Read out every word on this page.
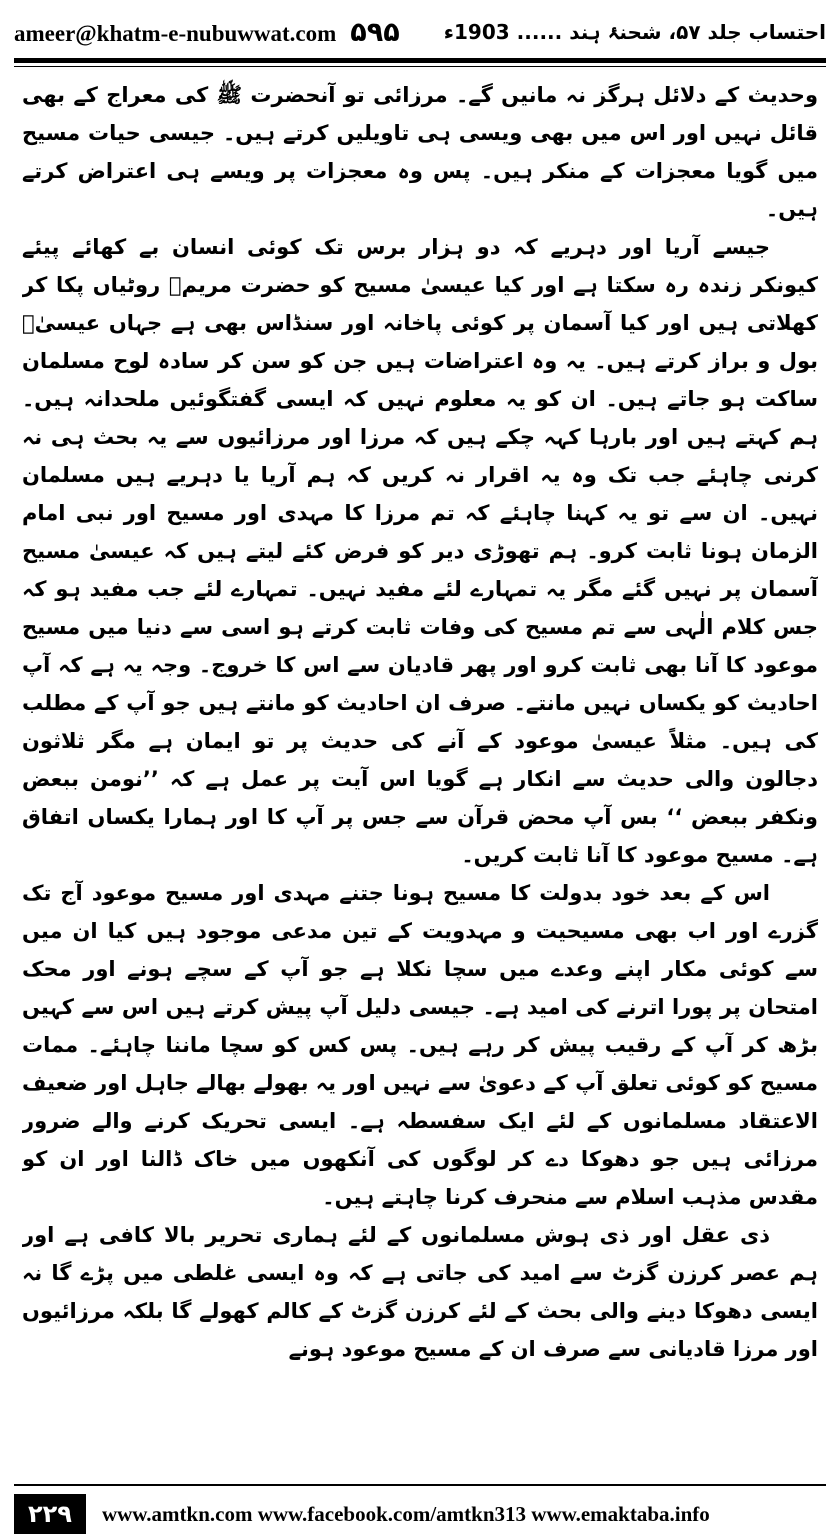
ameer@khatm-e-nubuwwat.com ۵۹۵ احتساب جلد ۵۷، شحنۂ ہند ...... 1903ء

وحدیث کے دلائل ہرگز نہ مانیں گے۔ مرزائی تو آنحضرت ﷺ کی معراج کے بھی قائل نہیں اور اس میں بھی ویسی ہی تاویلیں کرتے ہیں۔ جیسی حیات مسیح میں گویا معجزات کے منکر ہیں۔ پس وہ معجزات پر ویسے ہی اعتراض کرتے ہیں۔

جیسے آریا اور دہریے کہ دو ہزار برس تک کوئی انسان بے کھائے پیئے کیونکر زندہ رہ سکتا ہے اور کیا عیسیٰ مسیح کو حضرت مریمؑ روٹیاں پکا کر کھلاتی ہیں اور کیا آسمان پر کوئی پاخانہ اور سنڈاس بھی ہے جہاں عیسیٰؑ بول و براز کرتے ہیں۔ یہ وہ اعتراضات ہیں جن کو سن کر سادہ لوح مسلمان ساکت ہو جاتے ہیں۔ ان کو یہ معلوم نہیں کہ ایسی گفتگوئیں ملحدانہ ہیں۔ ہم کہتے ہیں اور بارہا کہہ چکے ہیں کہ مرزا اور مرزائیوں سے یہ بحث ہی نہ کرنی چاہئے جب تک وہ یہ اقرار نہ کریں کہ ہم آریا یا دہریے ہیں مسلمان نہیں۔ ان سے تو یہ کہنا چاہئے کہ تم مرزا کا مہدی اور مسیح اور نبی امام الزمان ہونا ثابت کرو۔ ہم تھوڑی دیر کو فرض کئے لیتے ہیں کہ عیسیٰ مسیح آسمان پر نہیں گئے مگر یہ تمہارے لئے مفید نہیں۔ تمہارے لئے جب مفید ہو کہ جس کلام الٰہی سے تم مسیح کی وفات ثابت کرتے ہو اسی سے دنیا میں مسیح موعود کا آنا بھی ثابت کرو اور پھر قادیان سے اس کا خروج۔ وجہ یہ ہے کہ آپ احادیث کو یکساں نہیں مانتے۔ صرف ان احادیث کو مانتے ہیں جو آپ کے مطلب کی ہیں۔ مثلاً عیسیٰ موعود کے آنے کی حدیث پر تو ایمان ہے مگر ثلاثون دجالون والی حدیث سے انکار ہے گویا اس آیت پر عمل ہے کہ ’’نومن ببعض ونکفر ببعض ‘‘ بس آپ محض قرآن سے جس پر آپ کا اور ہمارا یکساں اتفاق ہے۔ مسیح موعود کا آنا ثابت کریں۔

اس کے بعد خود بدولت کا مسیح ہونا جتنے مہدی اور مسیح موعود آج تک گزرے اور اب بھی مسیحیت و مہدویت کے تین مدعی موجود ہیں کیا ان میں سے کوئی مکار اپنے وعدے میں سچا نکلا ہے جو آپ کے سچے ہونے اور محک امتحان پر پورا اترنے کی امید ہے۔ جیسی دلیل آپ پیش کرتے ہیں اس سے کہیں بڑھ کر آپ کے رقیب پیش کر رہے ہیں۔ پس کس کو سچا ماننا چاہئے۔ ممات مسیح کو کوئی تعلق آپ کے دعویٰ سے نہیں اور یہ بھولے بھالے جاہل اور ضعیف الاعتقاد مسلمانوں کے لئے ایک سفسطہ ہے۔ ایسی تحریک کرنے والے ضرور مرزائی ہیں جو دھوکا دے کر لوگوں کی آنکھوں میں خاک ڈالنا اور ان کو مقدس مذہب اسلام سے منحرف کرنا چاہتے ہیں۔

ذی عقل اور ذی ہوش مسلمانوں کے لئے ہماری تحریر بالا کافی ہے اور ہم عصر کرزن گزٹ سے امید کی جاتی ہے کہ وہ ایسی غلطی میں پڑے گا نہ ایسی دھوکا دینے والی بحث کے لئے کرزن گزٹ کے کالم کھولے گا بلکہ مرزائیوں اور مرزا قادیانی سے صرف ان کے مسیح موعود ہونے

۲۲۹	www.amtkn.com www.facebook.com/amtkn313 www.emaktaba.info
